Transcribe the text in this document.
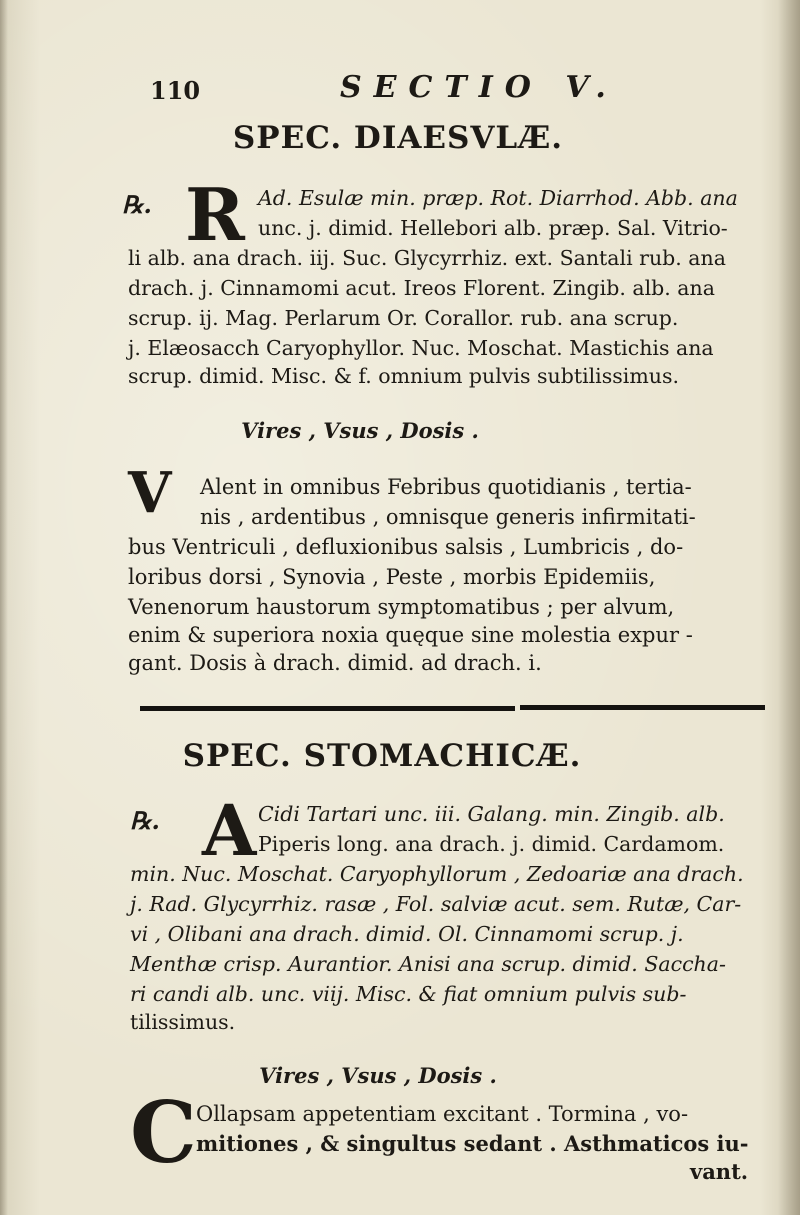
110	SECTIO V.
SPEC. DIAESVLÆ.
℞. R Ad. Esulæ min. præp. Rot. Diarrhod. Abb. ana
unc. j. dimid. Hellebori alb. præp. Sal. Vitrio-
li alb. ana drach. iij. Suc. Glycyrrhiz. ext. Santali rub. ana
drach. j. Cinnamomi acut. Ireos Florent. Zingib. alb. ana
scrup. ij. Mag. Perlarum Or. Corallor. rub. ana scrup.
j. Elæosacch Caryophyllor. Nuc. Moschat. Mastichis ana
scrup. dimid. Misc. & f. omnium pulvis subtilissimus.
Vires , Vsus , Dosis .
V Alent in omnibus Febribus quotidianis , tertia-
nis , ardentibus , omnisque generis infirmitati-
bus Ventriculi , defluxionibus salsis , Lumbricis , do-
loribus dorsi , Synovia , Peste , morbis Epidemiis,
Venenorum haustorum symptomatibus ; per alvum,
enim & superiora noxia quęque sine molestia expur -
gant. Dosis à drach. dimid. ad drach. i.
SPEC. STOMACHICÆ.
℞. A Cidi Tartari unc. iii. Galang. min. Zingib. alb.
Piperis long. ana drach. j. dimid. Cardamom.
min. Nuc. Moschat. Caryophyllorum , Zedoariæ ana drach.
j. Rad. Glycyrrhiz. rasæ , Fol. salviæ acut. sem. Rutæ, Car-
vi , Olibani ana drach. dimid. Ol. Cinnamomi scrup. j.
Menthæ crisp. Aurantior. Anisi ana scrup. dimid. Saccha-
ri candi alb. unc. viij. Misc. & fiat omnium pulvis sub-
tilissimus.
Vires , Vsus , Dosis .
C Ollapsam appetentiam excitant . Tormina , vo-
mitiones , & singultus sedant . Asthmaticos iu-
vant.
